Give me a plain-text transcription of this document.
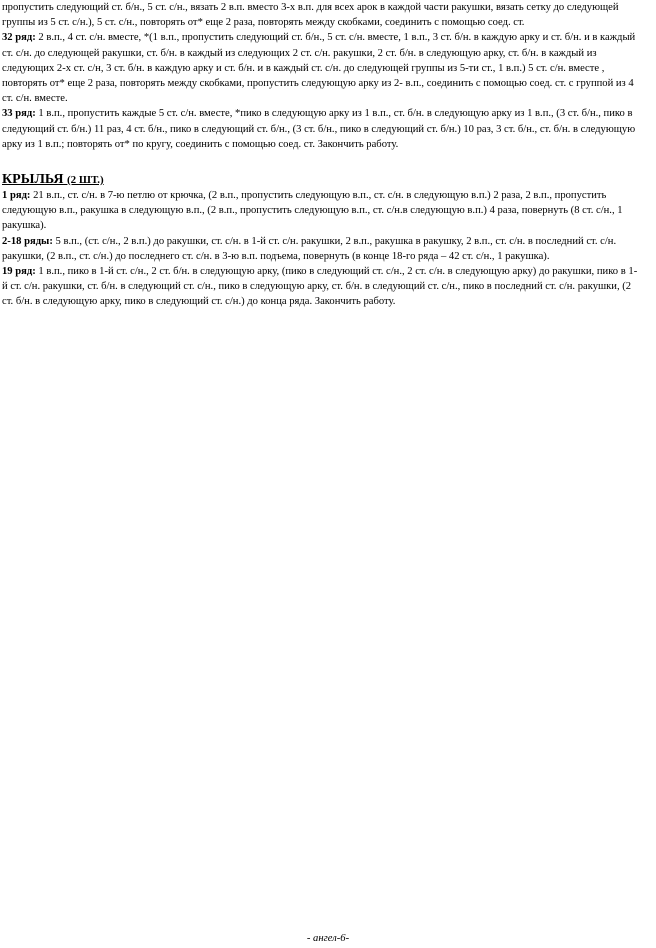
пропустить следующий ст. б/н., 5 ст. с/н., вязать 2 в.п. вместо 3-х в.п. для всех арок в каждой части ракушки, вязать сетку до следующей группы из 5 ст. с/н.), 5 ст. с/н., повторять от* еще 2 раза, повторять между скобками, соединить с помощью соед. ст.

32 ряд: 2 в.п., 4 ст. с/н. вместе, *(1 в.п., пропустить следующий ст. б/н., 5 ст. с/н. вместе, 1 в.п., 3 ст. б/н. в каждую арку и ст. б/н. и в каждый ст. с/н. до следующей ракушки, ст. б/н. в каждый из следующих 2 ст. с/н. ракушки, 2 ст. б/н. в следующую арку, ст. б/н. в каждый из следующих 2-х ст. с/н, 3 ст. б/н. в каждую арку и ст. б/н. и в каждый ст. с/н. до следующей группы из 5-ти ст., 1 в.п.) 5 ст. с/н. вместе , повторять от* еще 2 раза, повторять между скобками, пропустить следующую арку из 2- в.п., соединить с помощью соед. ст. с группой из 4 ст. с/н. вместе.

33 ряд: 1 в.п., пропустить каждые 5 ст. с/н. вместе, *пико в следующую арку из 1 в.п., ст. б/н. в следующую арку из 1 в.п., (3 ст. б/н., пико в следующий ст. б/н.) 11 раз, 4 ст. б/н., пико в следующий ст. б/н., (3 ст. б/н., пико в следующий ст. б/н.) 10 раз, 3 ст. б/н., ст. б/н. в следующую арку из 1 в.п.; повторять от* по кругу, соединить с помощью соед. ст. Закончить работу.

КРЫЛЬЯ (2 ШТ.)

1 ряд: 21 в.п., ст. с/н. в 7-ю петлю от крючка, (2 в.п., пропустить следующую в.п., ст. с/н. в следующую в.п.) 2 раза, 2 в.п., пропустить следующую в.п., ракушка в следующую в.п., (2 в.п., пропустить следующую в.п., ст. с/н.в следующую в.п.) 4 раза, повернуть (8 ст. с/н., 1 ракушка).

2-18 ряды: 5 в.п., (ст. с/н., 2 в.п.) до ракушки, ст. с/н. в 1-й ст. с/н. ракушки, 2 в.п., ракушка в ракушку, 2 в.п., ст. с/н. в последний ст. с/н. ракушки, (2 в.п., ст. с/н.) до последнего ст. с/н. в 3-ю в.п. подъема, повернуть (в конце 18-го ряда – 42 ст. с/н., 1 ракушка).

19 ряд: 1 в.п., пико в 1-й ст. с/н., 2 ст. б/н. в следующую арку, (пико в следующий ст. с/н., 2 ст. с/н. в следующую арку) до ракушки, пико в 1-й ст. с/н. ракушки, ст. б/н. в следующий ст. с/н., пико в следующую арку, ст. б/н. в следующий ст. с/н., пико в последний ст. с/н. ракушки, (2 ст. б/н. в следующую арку, пико в следующий ст. с/н.) до конца ряда. Закончить работу.

- ангел-6-
